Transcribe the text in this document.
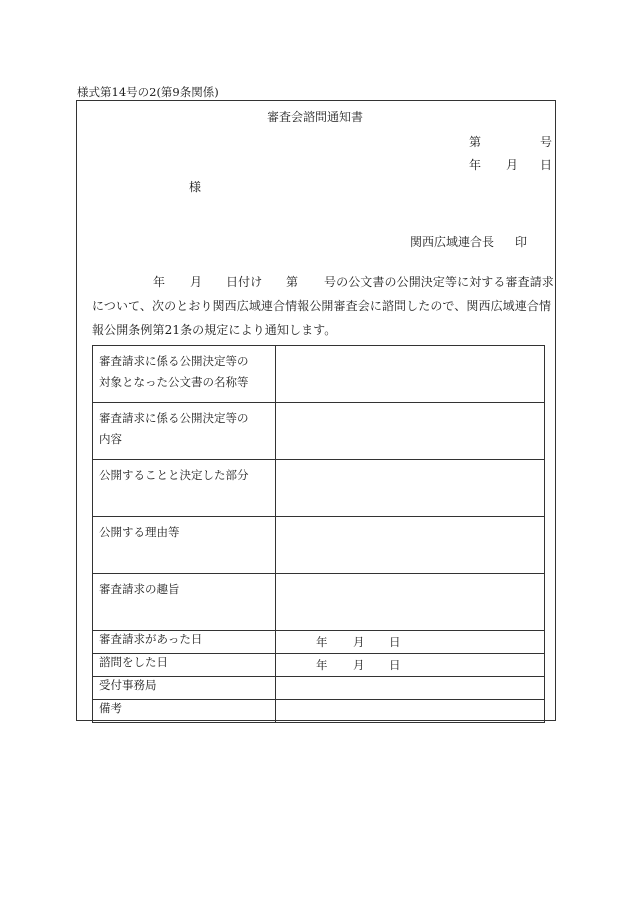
様式第14号の2(第9条関係)
審査会諮問通知書
第	号
年 月 日
様
関西広域連合長 印
年 月 日付け 第 号の公文書の公開決定等に対する審査請求
について、次のとおり関西広域連合情報公開審査会に諮問したので、関西広域連合情
報公開条例第21条の規定により通知します。
審査請求に係る公開決定等の
対象となった公文書の名称等	

審査請求に係る公開決定等の
内容	

公開することと決定した部分	

公開する理由等	

審査請求の趣旨	

審査請求があった日	年 月 日

諮問をした日	年 月 日

受付事務局	
備考	
